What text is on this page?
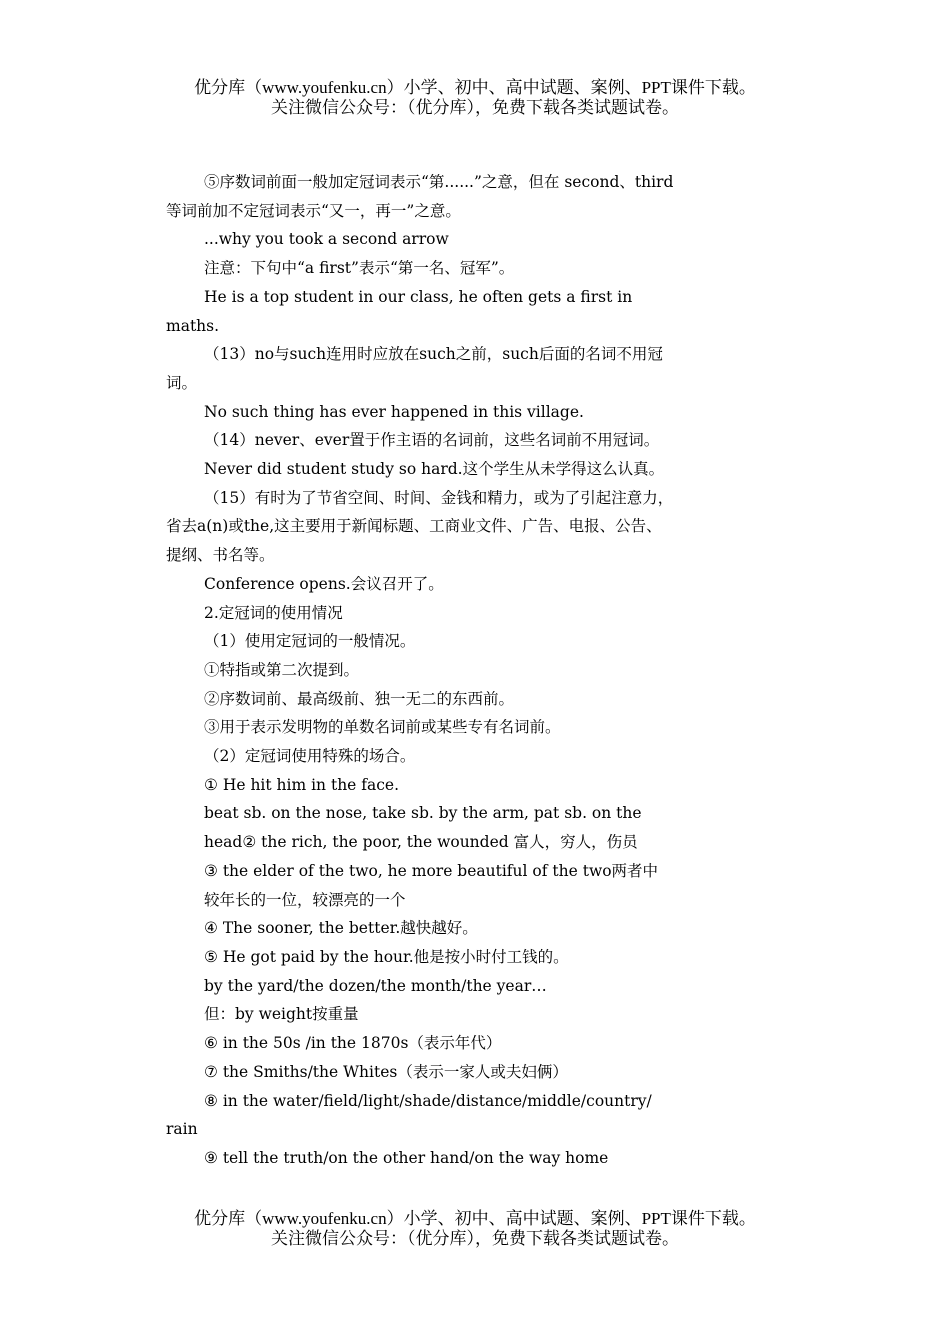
优分库（www.youfenku.cn）小学、初中、高中试题、案例、PPT课件下载。
关注微信公众号：（优分库），免费下载各类试题试卷。
⑤序数词前面一般加定冠词表示“第......”之意，但在 second、third
等词前加不定冠词表示“又一，再一”之意。
...why you took a second arrow
注意：下句中“a first”表示“第一名、冠军”。
He is a top student in our class, he often gets a first in
maths.
（13）no与such连用时应放在such之前，such后面的名词不用冠
词。
No such thing has ever happened in this village.
（14）never、ever置于作主语的名词前，这些名词前不用冠词。
Never did student study so hard.这个学生从未学得这么认真。
（15）有时为了节省空间、时间、金钱和精力，或为了引起注意力，
省去a(n)或the,这主要用于新闻标题、工商业文件、广告、电报、公告、
提纲、书名等。
Conference opens.会议召开了。
2.定冠词的使用情况
（1）使用定冠词的一般情况。
①特指或第二次提到。
②序数词前、最高级前、独一无二的东西前。
③用于表示发明物的单数名词前或某些专有名词前。
（2）定冠词使用特殊的场合。
① He hit him in the face.
beat sb. on the nose, take sb. by the arm, pat sb. on the
head② the rich, the poor, the wounded 富人，穷人，伤员
③ the elder of the two, he more beautiful of the two两者中
较年长的一位，较漂亮的一个
④ The sooner, the better.越快越好。
⑤ He got paid by the hour.他是按小时付工钱的。
by the yard/the dozen/the month/the year…
但：by weight按重量
⑥ in the 50s /in the 1870s（表示年代）
⑦ the Smiths/the Whites（表示一家人或夫妇俩）
⑧ in the water/field/light/shade/distance/middle/country/
rain
⑨ tell the truth/on the other hand/on the way home
优分库（www.youfenku.cn）小学、初中、高中试题、案例、PPT课件下载。
关注微信公众号：（优分库），免费下载各类试题试卷。
